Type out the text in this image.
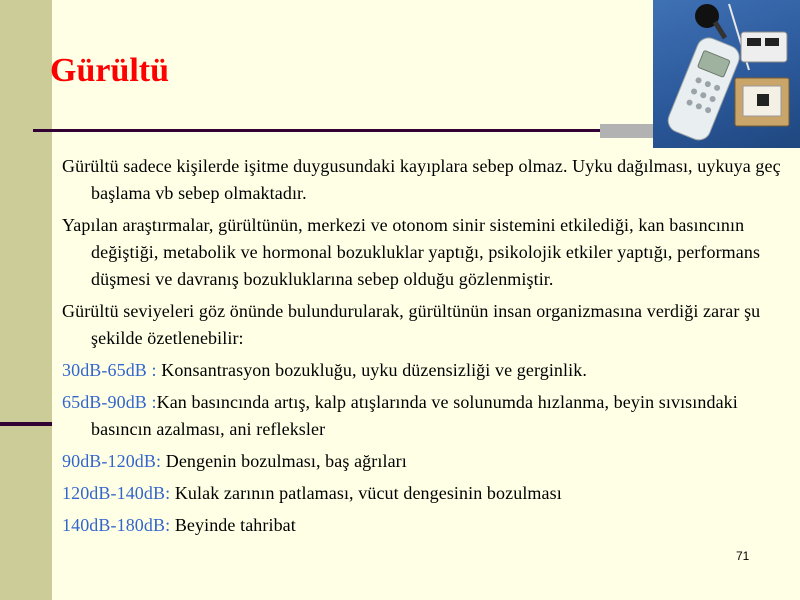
Gürültü

Gürültü sadece kişilerde işitme duygusundaki kayıplara sebep olmaz. Uyku dağılması, uykuya geç başlama vb sebep olmaktadır.

Yapılan araştırmalar, gürültünün, merkezi ve otonom sinir sistemini etkilediği, kan basıncının değiştiği, metabolik ve hormonal bozukluklar yaptığı, psikolojik etkiler yaptığı, performans düşmesi ve davranış bozukluklarına sebep olduğu gözlenmiştir.

Gürültü seviyeleri göz önünde bulundurularak, gürültünün insan organizmasına verdiği zarar şu şekilde özetlenebilir:

30dB-65dB : Konsantrasyon bozukluğu, uyku düzensizliği ve gerginlik.

65dB-90dB :Kan basıncında artış, kalp atışlarında ve solunumda hızlanma, beyin sıvısındaki basıncın azalması, ani refleksler

90dB-120dB: Dengenin bozulması, baş ağrıları

120dB-140dB: Kulak zarının patlaması, vücut dengesinin bozulması

140dB-180dB: Beyinde tahribat

71
